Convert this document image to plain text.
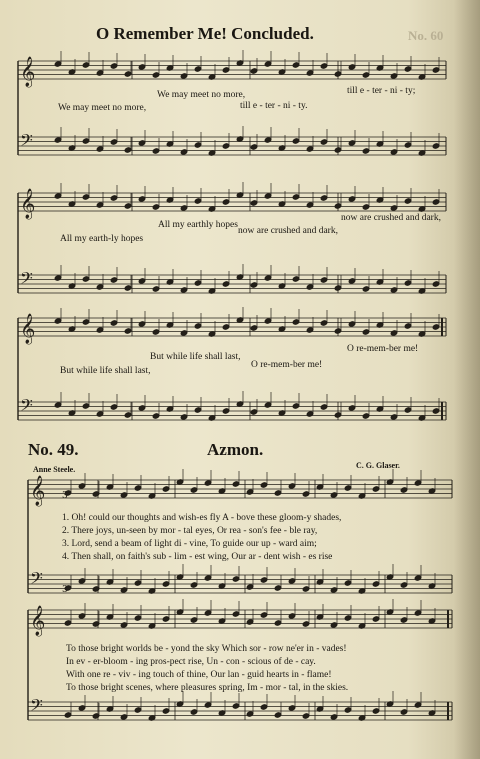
𝄞
𝄢
𝄞
𝄢
𝄞
𝄢
𝄞
𝄢
𝄞
𝄢
3
3
No. 60
O Remember Me! Concluded.
We may meet no more,	till e - ter - ni - ty;
We may meet no more,	till e - ter - ni - ty.
All my earthly hopes
now are crushed and dark,
All my earth-ly hopes
now are crushed and dark,
But while life shall last,
O re-mem-ber me!
But while life shall last,
O re-mem-ber me!
No. 49.	Azmon.
Anne Steele.	C. G. Glaser.
1. Oh! could our thoughts and wish-es fly A - bove these gloom-y shades,
2. There joys, un-seen by mor - tal eyes, Or rea - son's fee - ble ray,
3. Lord, send a beam of light di - vine, To guide our up - ward aim;
4. Then shall, on faith's sub - lim - est wing, Our ar - dent wish - es rise
To those bright worlds be - yond the sky Which sor - row ne'er in - vades!
In ev - er-bloom - ing pros-pect rise, Un - con - scious of de - cay.
With one re - viv - ing touch of thine, Our lan - guid hearts in - flame!
To those bright scenes, where pleasures spring, Im - mor - tal, in the skies.
